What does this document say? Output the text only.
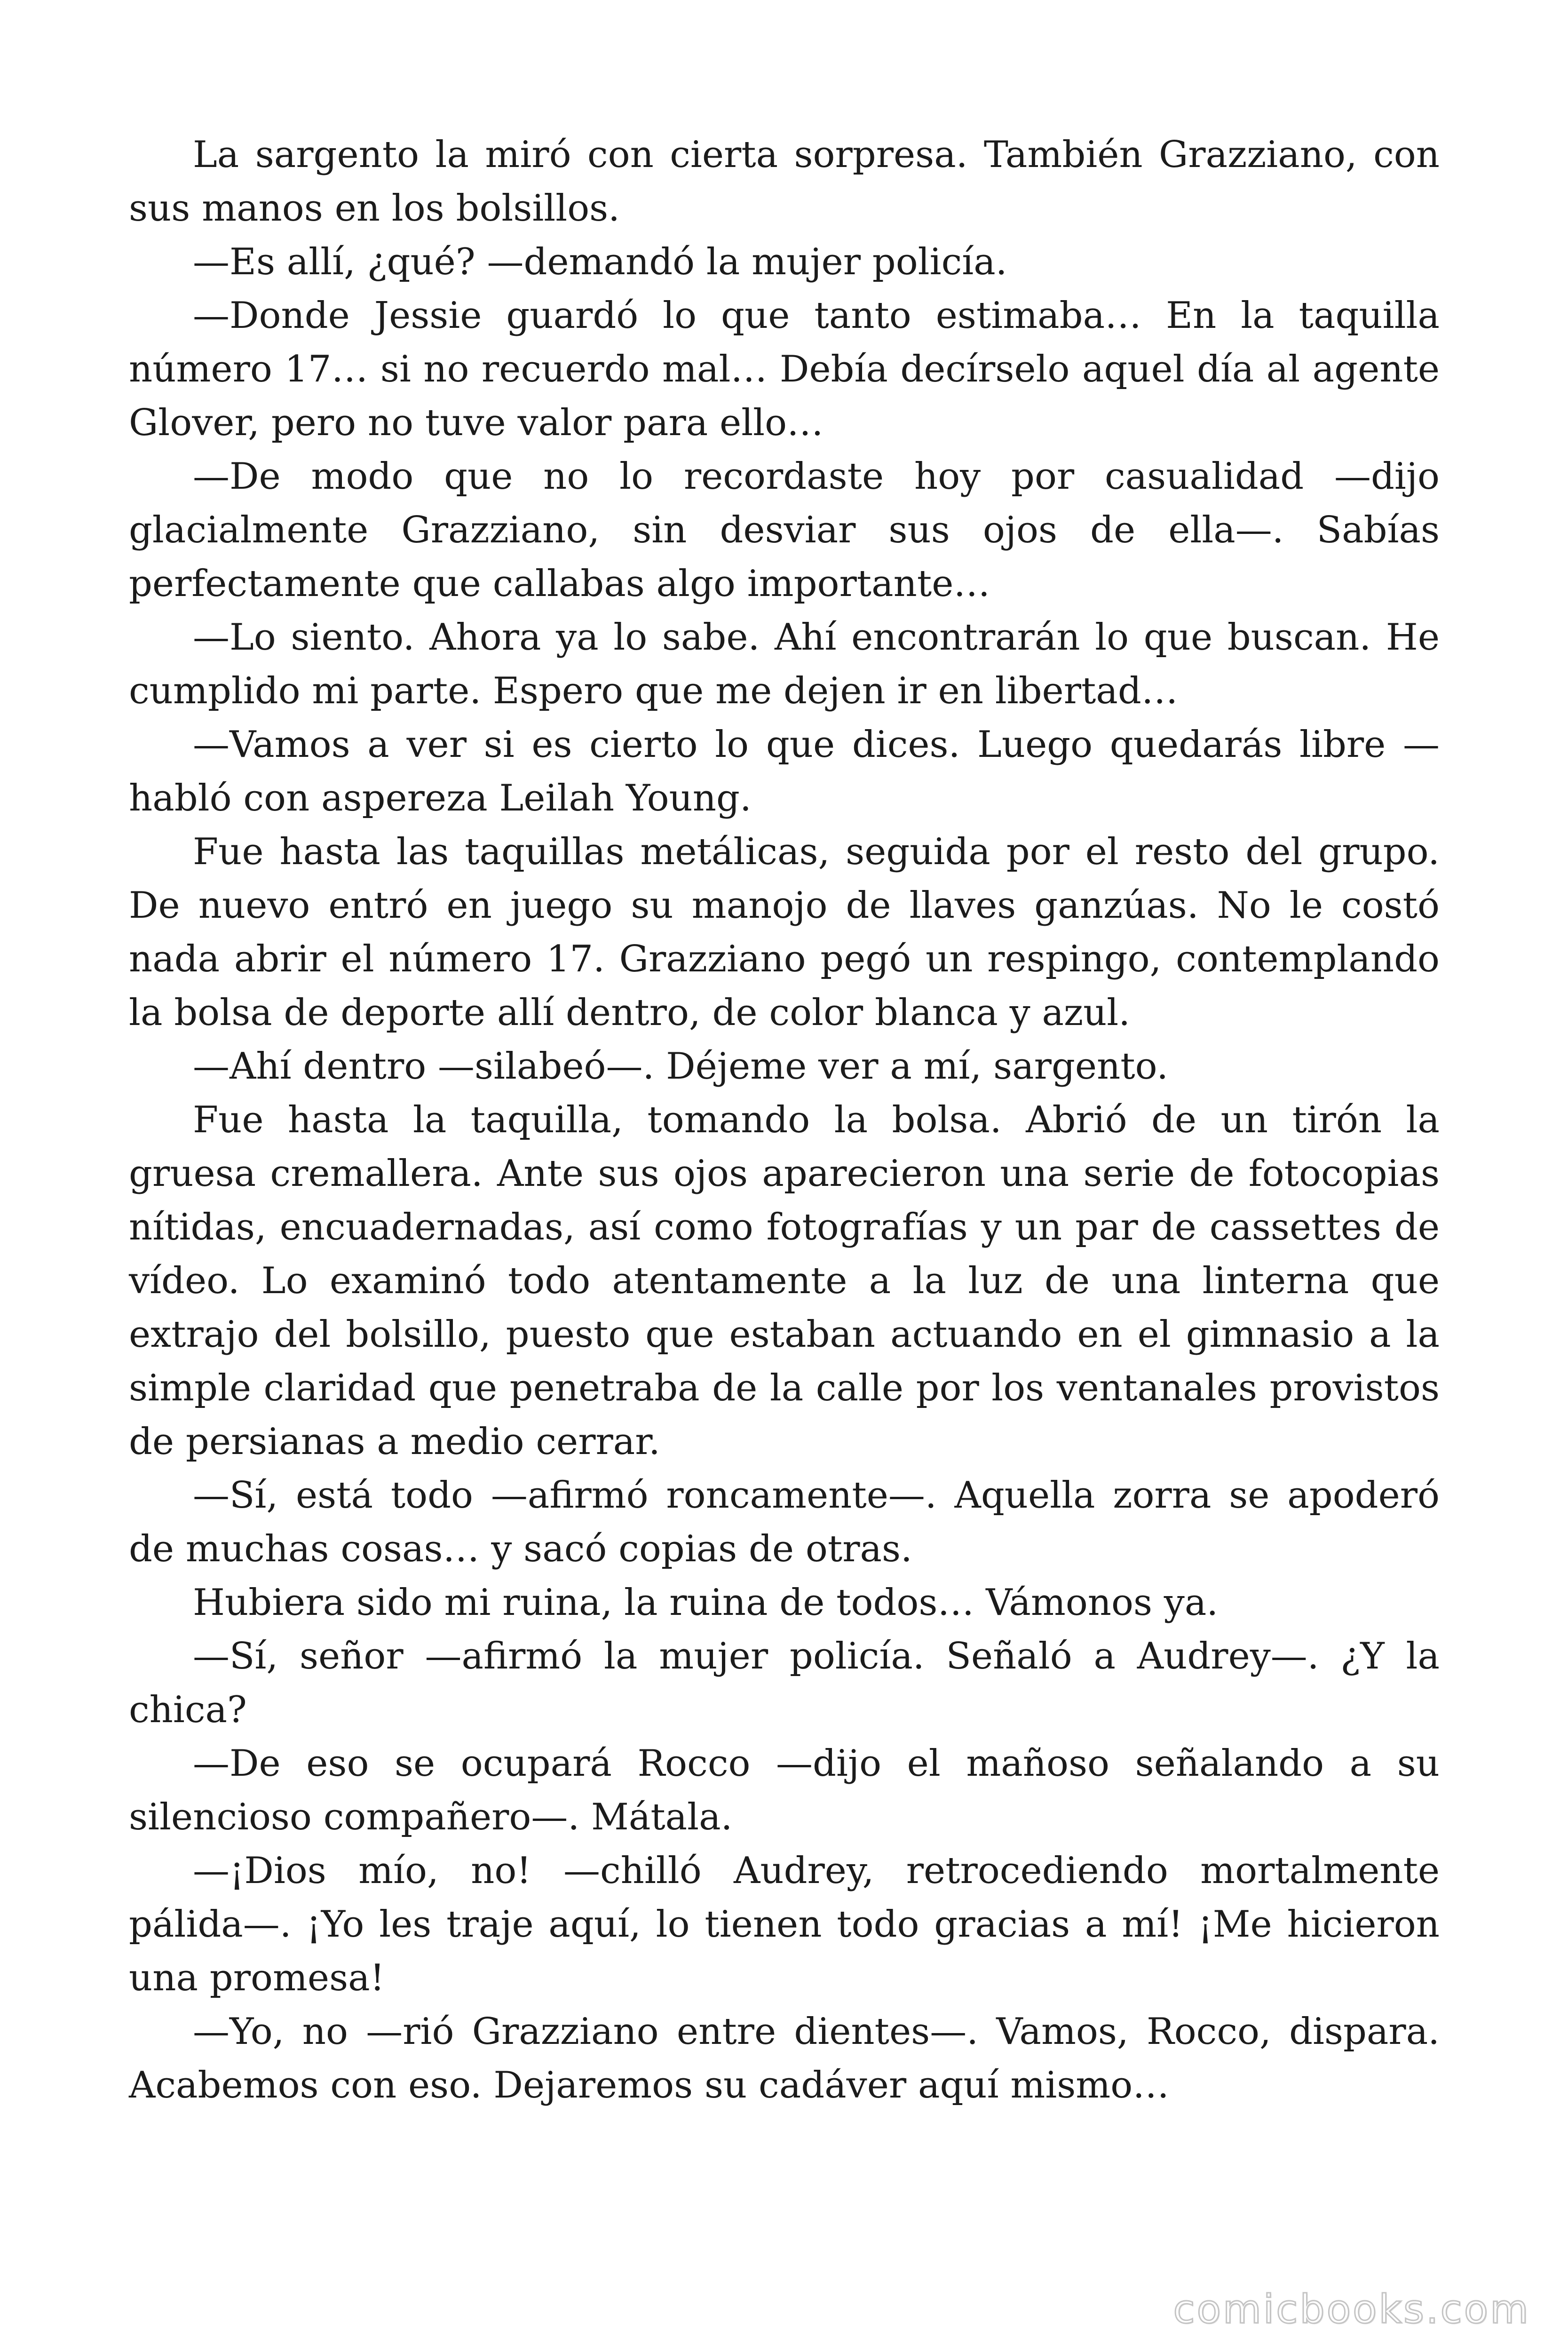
La sargento la miró con cierta sorpresa. También Grazziano, con sus manos en los bolsillos.

—Es allí, ¿qué? —demandó la mujer policía.

—Donde Jessie guardó lo que tanto estimaba… En la taquilla número 17… si no recuerdo mal… Debía decírselo aquel día al agente Glover, pero no tuve valor para ello…

—De modo que no lo recordaste hoy por casualidad —dijo glacialmente Grazziano, sin desviar sus ojos de ella—. Sabías perfectamente que callabas algo importante…

—Lo siento. Ahora ya lo sabe. Ahí encontrarán lo que buscan. He cumplido mi parte. Espero que me dejen ir en libertad…

—Vamos a ver si es cierto lo que dices. Luego quedarás libre — habló con aspereza Leilah Young.

Fue hasta las taquillas metálicas, seguida por el resto del grupo. De nuevo entró en juego su manojo de llaves ganzúas. No le costó nada abrir el número 17. Grazziano pegó un respingo, contemplando la bolsa de deporte allí dentro, de color blanca y azul.

—Ahí dentro —silabeó—. Déjeme ver a mí, sargento.

Fue hasta la taquilla, tomando la bolsa. Abrió de un tirón la gruesa cremallera. Ante sus ojos aparecieron una serie de fotocopias nítidas, encuadernadas, así como fotografías y un par de cassettes de vídeo. Lo examinó todo atentamente a la luz de una linterna que extrajo del bolsillo, puesto que estaban actuando en el gimnasio a la simple claridad que penetraba de la calle por los ventanales provistos de persianas a medio cerrar.

—Sí, está todo —afirmó roncamente—. Aquella zorra se apoderó de muchas cosas… y sacó copias de otras.

Hubiera sido mi ruina, la ruina de todos… Vámonos ya.

—Sí, señor —afirmó la mujer policía. Señaló a Audrey—. ¿Y la chica?

—De eso se ocupará Rocco —dijo el mañoso señalando a su silencioso compañero—. Mátala.

—¡Dios mío, no! —chilló Audrey, retrocediendo mortalmente pálida—. ¡Yo les traje aquí, lo tienen todo gracias a mí! ¡Me hicieron una promesa!

—Yo, no —rió Grazziano entre dientes—. Vamos, Rocco, dispara. Acabemos con eso. Dejaremos su cadáver aquí mismo…

comicbooks.com
